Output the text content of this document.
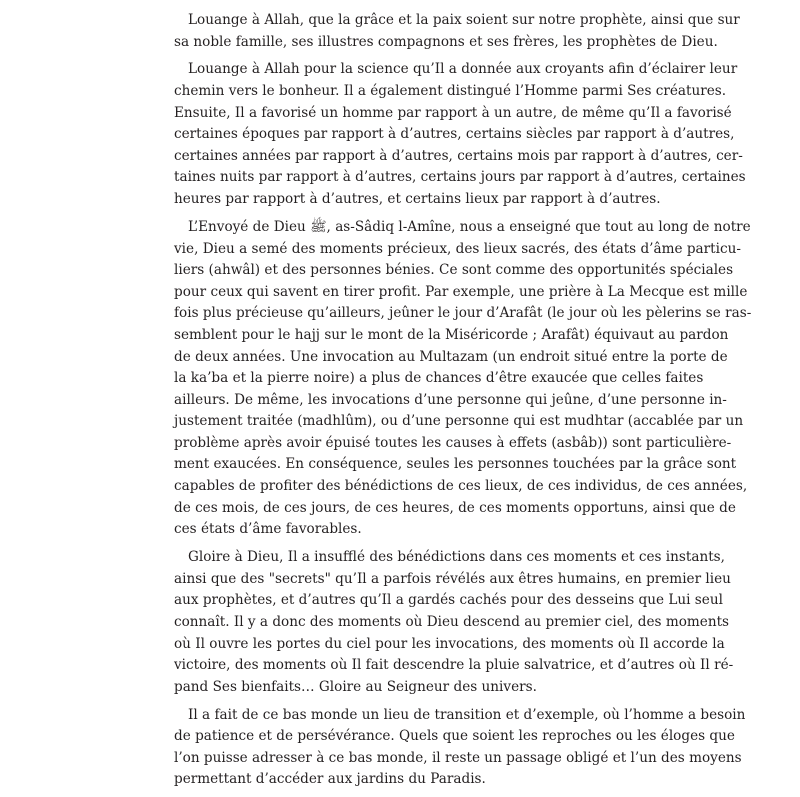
Louange à Allah, que la grâce et la paix soient sur notre prophète, ainsi que sur
sa noble famille, ses illustres compagnons et ses frères, les prophètes de Dieu.

Louange à Allah pour la science qu’Il a donnée aux croyants afin d’éclairer leur
chemin vers le bonheur. Il a également distingué l’Homme parmi Ses créatures.
Ensuite, Il a favorisé un homme par rapport à un autre, de même qu’Il a favorisé
certaines époques par rapport à d’autres, certains siècles par rapport à d’autres,
certaines années par rapport à d’autres, certains mois par rapport à d’autres, cer-
taines nuits par rapport à d’autres, certains jours par rapport à d’autres, certaines
heures par rapport à d’autres, et certains lieux par rapport à d’autres.

L’Envoyé de Dieu ﷺ, as-Sâdiq l-Amîne, nous a enseigné que tout au long de notre
vie, Dieu a semé des moments précieux, des lieux sacrés, des états d’âme particu-
liers (ahwâl) et des personnes bénies. Ce sont comme des opportunités spéciales
pour ceux qui savent en tirer profit. Par exemple, une prière à La Mecque est mille
fois plus précieuse qu’ailleurs, jeûner le jour d’Arafât (le jour où les pèlerins se ras-
semblent pour le hajj sur le mont de la Miséricorde ; Arafât) équivaut au pardon
de deux années. Une invocation au Multazam (un endroit situé entre la porte de
la ka’ba et la pierre noire) a plus de chances d’être exaucée que celles faites
ailleurs. De même, les invocations d’une personne qui jeûne, d’une personne in-
justement traitée (madhlûm), ou d’une personne qui est mudhtar (accablée par un
problème après avoir épuisé toutes les causes à effets (asbâb)) sont particulière-
ment exaucées. En conséquence, seules les personnes touchées par la grâce sont
capables de profiter des bénédictions de ces lieux, de ces individus, de ces années,
de ces mois, de ces jours, de ces heures, de ces moments opportuns, ainsi que de
ces états d’âme favorables.

Gloire à Dieu, Il a insufflé des bénédictions dans ces moments et ces instants,
ainsi que des "secrets" qu’Il a parfois révélés aux êtres humains, en premier lieu
aux prophètes, et d’autres qu’Il a gardés cachés pour des desseins que Lui seul
connaît. Il y a donc des moments où Dieu descend au premier ciel, des moments
où Il ouvre les portes du ciel pour les invocations, des moments où Il accorde la
victoire, des moments où Il fait descendre la pluie salvatrice, et d’autres où Il ré-
pand Ses bienfaits… Gloire au Seigneur des univers.

Il a fait de ce bas monde un lieu de transition et d’exemple, où l’homme a besoin
de patience et de persévérance. Quels que soient les reproches ou les éloges que
l’on puisse adresser à ce bas monde, il reste un passage obligé et l’un des moyens
permettant d’accéder aux jardins du Paradis.
